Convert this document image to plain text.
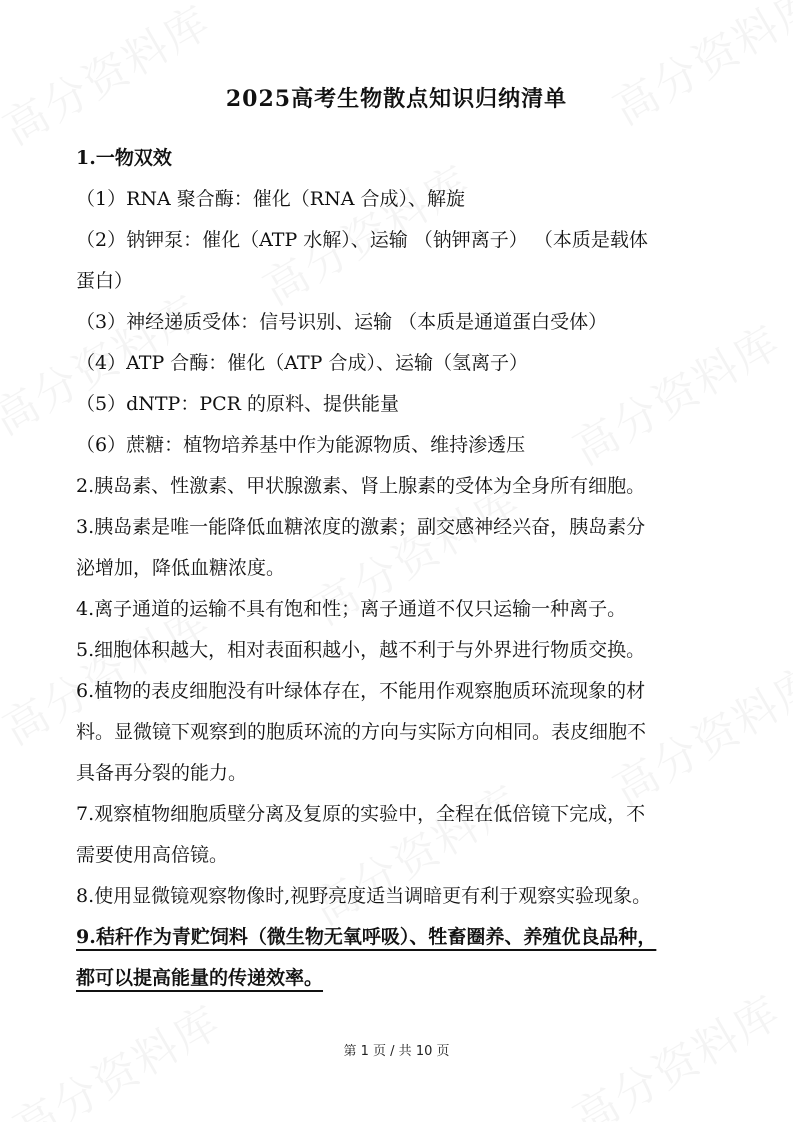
2025高考生物散点知识归纳清单
1.一物双效
（1）RNA 聚合酶：催化（RNA 合成）、解旋
（2）钠钾泵：催化（ATP 水解）、运输 （钠钾离子） （本质是载体
蛋白）
（3）神经递质受体：信号识别、运输 （本质是通道蛋白受体）
（4）ATP 合酶：催化（ATP 合成）、运输（氢离子）
（5）dNTP：PCR 的原料、提供能量
（6）蔗糖：植物培养基中作为能源物质、维持渗透压
2.胰岛素、性激素、甲状腺激素、肾上腺素的受体为全身所有细胞。
3.胰岛素是唯一能降低血糖浓度的激素；副交感神经兴奋，胰岛素分
泌增加，降低血糖浓度。
4.离子通道的运输不具有饱和性；离子通道不仅只运输一种离子。
5.细胞体积越大，相对表面积越小，越不利于与外界进行物质交换。
6.植物的表皮细胞没有叶绿体存在，不能用作观察胞质环流现象的材
料。显微镜下观察到的胞质环流的方向与实际方向相同。表皮细胞不
具备再分裂的能力。
7.观察植物细胞质壁分离及复原的实验中，全程在低倍镜下完成，不
需要使用高倍镜。
8.使用显微镜观察物像时,视野亮度适当调暗更有利于观察实验现象。
9.秸秆作为青贮饲料（微生物无氧呼吸）、牲畜圈养、养殖优良品种，
都可以提高能量的传递效率。
第 1 页 / 共 10 页
